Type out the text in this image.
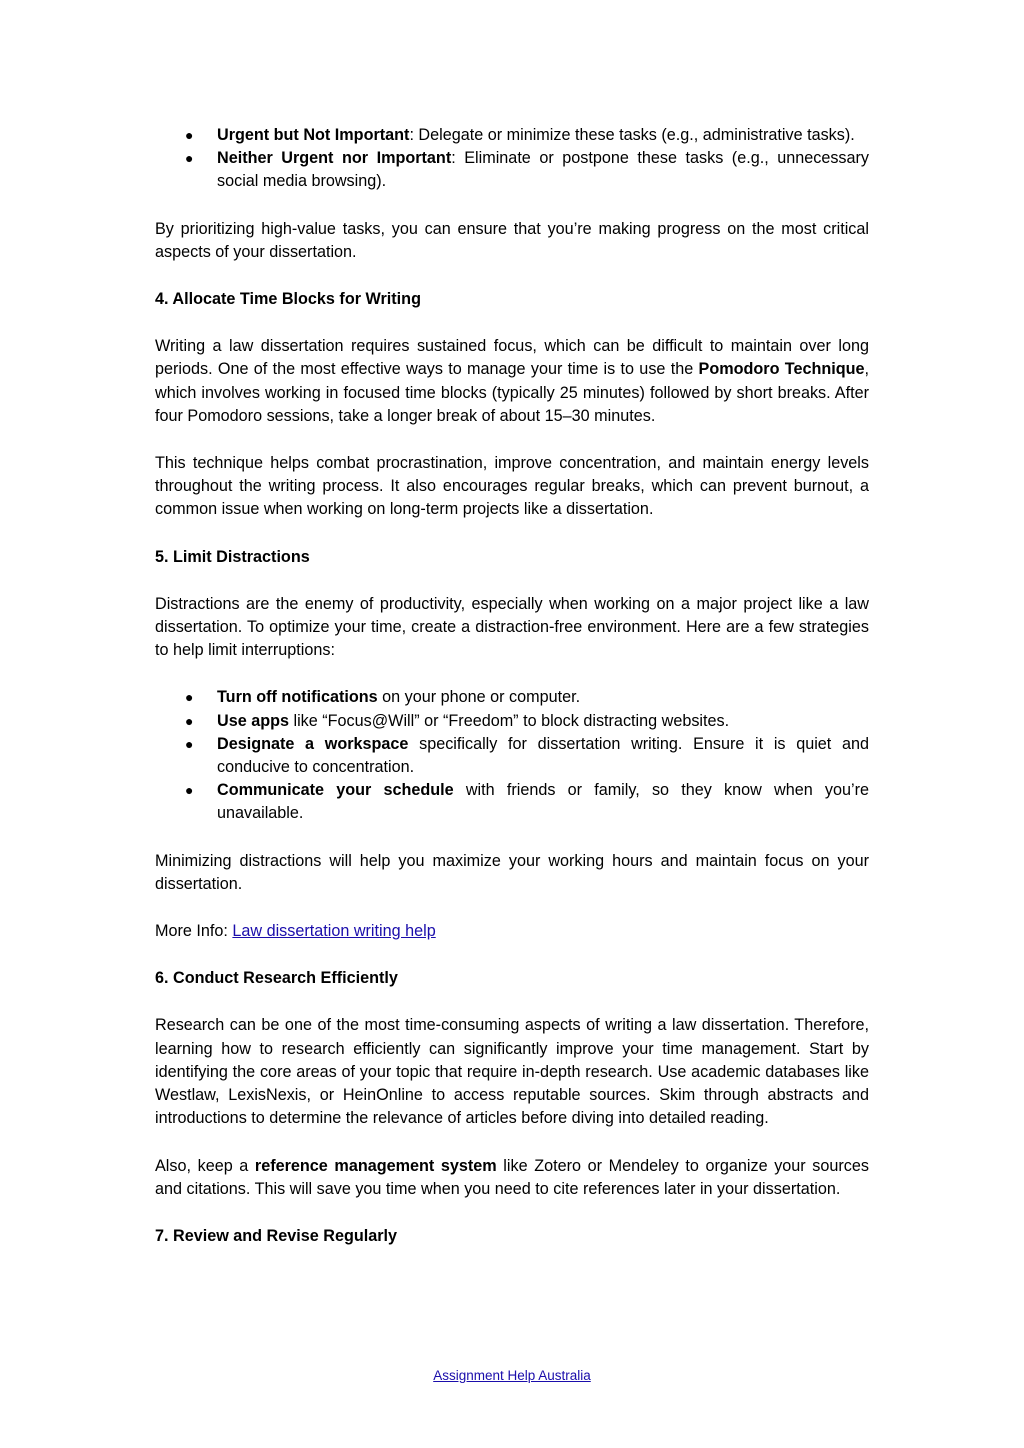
● Urgent but Not Important: Delegate or minimize these tasks (e.g., administrative tasks).
● Neither Urgent nor Important: Eliminate or postpone these tasks (e.g., unnecessary social media browsing).

By prioritizing high-value tasks, you can ensure that you’re making progress on the most critical aspects of your dissertation.

4. Allocate Time Blocks for Writing

Writing a law dissertation requires sustained focus, which can be difficult to maintain over long periods. One of the most effective ways to manage your time is to use the Pomodoro Technique, which involves working in focused time blocks (typically 25 minutes) followed by short breaks. After four Pomodoro sessions, take a longer break of about 15–30 minutes.

This technique helps combat procrastination, improve concentration, and maintain energy levels throughout the writing process. It also encourages regular breaks, which can prevent burnout, a common issue when working on long-term projects like a dissertation.

5. Limit Distractions

Distractions are the enemy of productivity, especially when working on a major project like a law dissertation. To optimize your time, create a distraction-free environment. Here are a few strategies to help limit interruptions:

● Turn off notifications on your phone or computer.
● Use apps like “Focus@Will” or “Freedom” to block distracting websites.
● Designate a workspace specifically for dissertation writing. Ensure it is quiet and conducive to concentration.
● Communicate your schedule with friends or family, so they know when you’re unavailable.

Minimizing distractions will help you maximize your working hours and maintain focus on your dissertation.

More Info: Law dissertation writing help

6. Conduct Research Efficiently

Research can be one of the most time-consuming aspects of writing a law dissertation. Therefore, learning how to research efficiently can significantly improve your time management. Start by identifying the core areas of your topic that require in-depth research. Use academic databases like Westlaw, LexisNexis, or HeinOnline to access reputable sources. Skim through abstracts and introductions to determine the relevance of articles before diving into detailed reading.

Also, keep a reference management system like Zotero or Mendeley to organize your sources and citations. This will save you time when you need to cite references later in your dissertation.

7. Review and Revise Regularly
Assignment Help Australia
